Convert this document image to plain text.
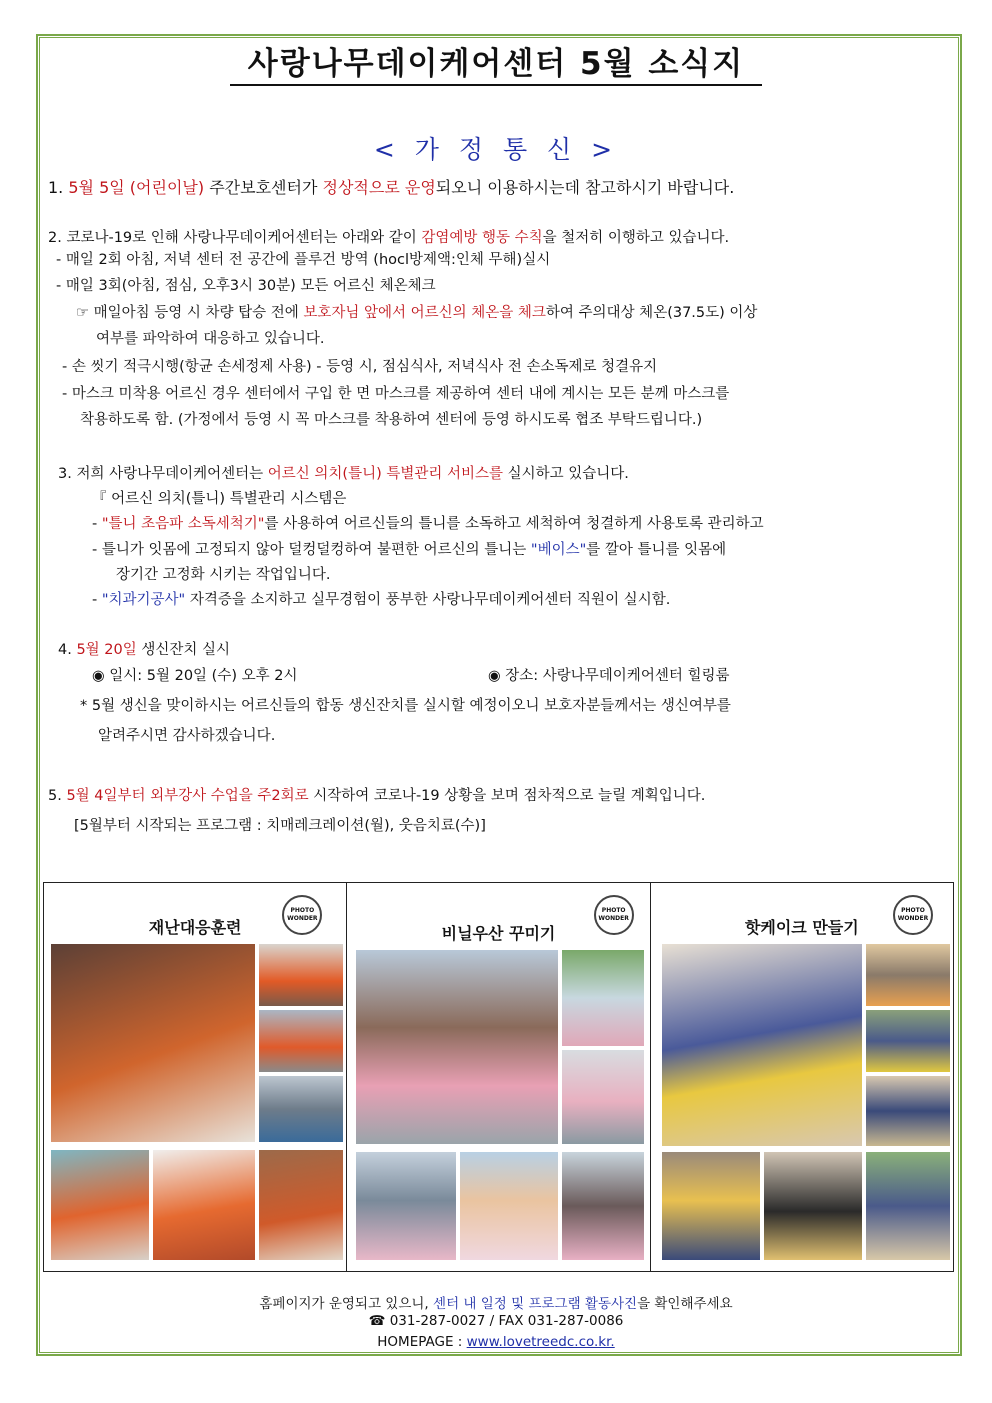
사랑나무데이케어센터 5월 소식지
< 가 정 통 신 >
1. 5월 5일 (어린이날) 주간보호센터가 정상적으로 운영되오니 이용하시는데 참고하시기 바랍니다.
2. 코로나-19로 인해 사랑나무데이케어센터는 아래와 같이 감염예방 행동 수칙을 철저히 이행하고 있습니다.
- 매일 2회 아침, 저녁 센터 전 공간에 플루건 방역 (hocl방제액:인체 무해)실시
- 매일 3회(아침, 점심, 오후3시 30분) 모든 어르신 체온체크
☞ 매일아침 등영 시 차량 탑승 전에 보호자님 앞에서 어르신의 체온을 체크하여 주의대상 체온(37.5도) 이상
여부를 파악하여 대응하고 있습니다.
- 손 씻기 적극시행(항균 손세정제 사용) - 등영 시, 점심식사, 저녁식사 전 손소독제로 청결유지
- 마스크 미착용 어르신 경우 센터에서 구입 한 면 마스크를 제공하여 센터 내에 계시는 모든 분께 마스크를
착용하도록 함. (가정에서 등영 시 꼭 마스크를 착용하여 센터에 등영 하시도록 협조 부탁드립니다.)
3. 저희 사랑나무데이케어센터는 어르신 의치(틀니) 특별관리 서비스를 실시하고 있습니다.
『 어르신 의치(틀니) 특별관리 시스템은
- "틀니 초음파 소독세척기"를 사용하여 어르신들의 틀니를 소독하고 세척하여 청결하게 사용토록 관리하고
- 틀니가 잇몸에 고정되지 않아 덜컹덜컹하여 불편한 어르신의 틀니는 "베이스"를 깔아 틀니를 잇몸에
장기간 고정화 시키는 작업입니다.
- "치과기공사" 자격증을 소지하고 실무경험이 풍부한 사랑나무데이케어센터 직원이 실시함.
4. 5월 20일 생신잔치 실시
◉ 일시: 5월 20일 (수) 오후 2시	◉ 장소: 사랑나무데이케어센터 힐링룸
* 5월 생신을 맞이하시는 어르신들의 합동 생신잔치를 실시할 예정이오니 보호자분들께서는 생신여부를
알려주시면 감사하겠습니다.
5. 5월 4일부터 외부강사 수업을 주2회로 시작하여 코로나-19 상황을 보며 점차적으로 늘릴 계획입니다.
[5월부터 시작되는 프로그램 : 치매레크레이션(월), 웃음치료(수)]
재난대응훈련
PHOTO WONDER
비닐우산 꾸미기
PHOTO WONDER	핫케이크 만들기
PHOTO WONDER
홈페이지가 운영되고 있으니, 센터 내 일정 및 프로그램 활동사진을 확인해주세요
☎ 031-287-0027 / FAX 031-287-0086
HOMEPAGE : www.lovetreedc.co.kr.
